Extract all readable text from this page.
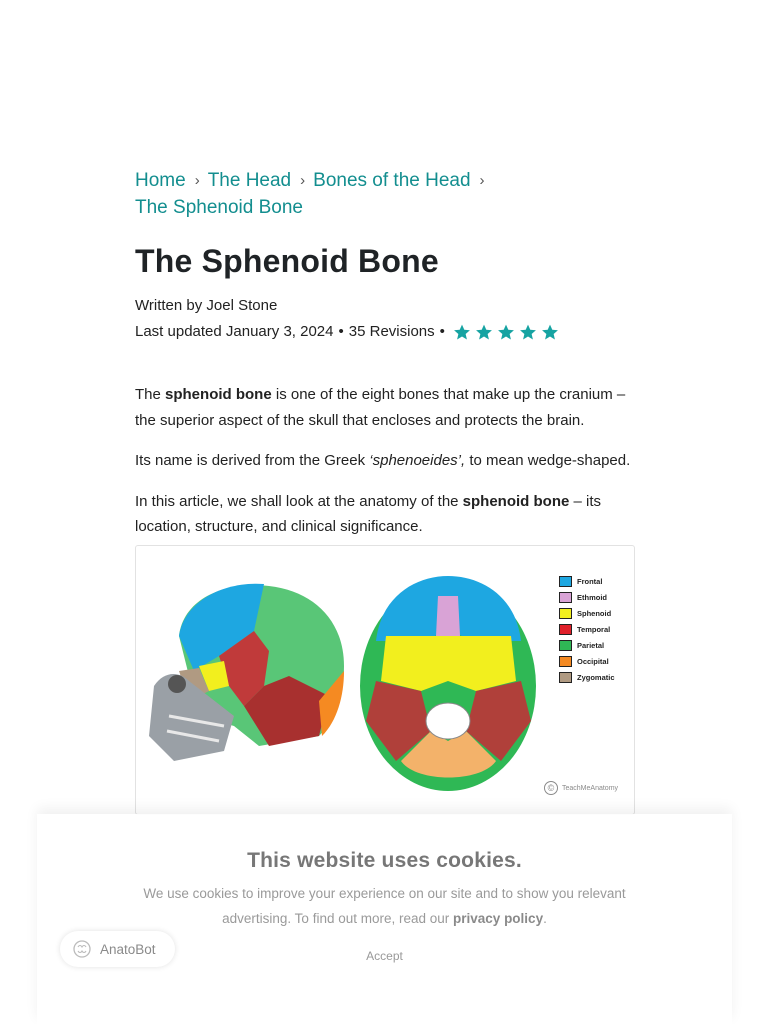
Home › The Head › Bones of the Head ›
The Sphenoid Bone
The Sphenoid Bone
Written by Joel Stone
Last updated January 3, 2024 • 35 Revisions •

The sphenoid bone is one of the eight bones that make up the cranium – the superior aspect of the skull that encloses and protects the brain.

Its name is derived from the Greek ‘sphenoeides’, to mean wedge-shaped.

In this article, we shall look at the anatomy of the sphenoid bone – its location, structure, and clinical significance.

Frontal
Ethmoid
Sphenoid
Temporal
Parietal
Occipital
Zygomatic
©	TeachMeAnatomy
This website uses cookies.

We use cookies to improve your experience on our site and to show you relevant advertising. To find out more, read our privacy policy.

Accept
AnatoBot
